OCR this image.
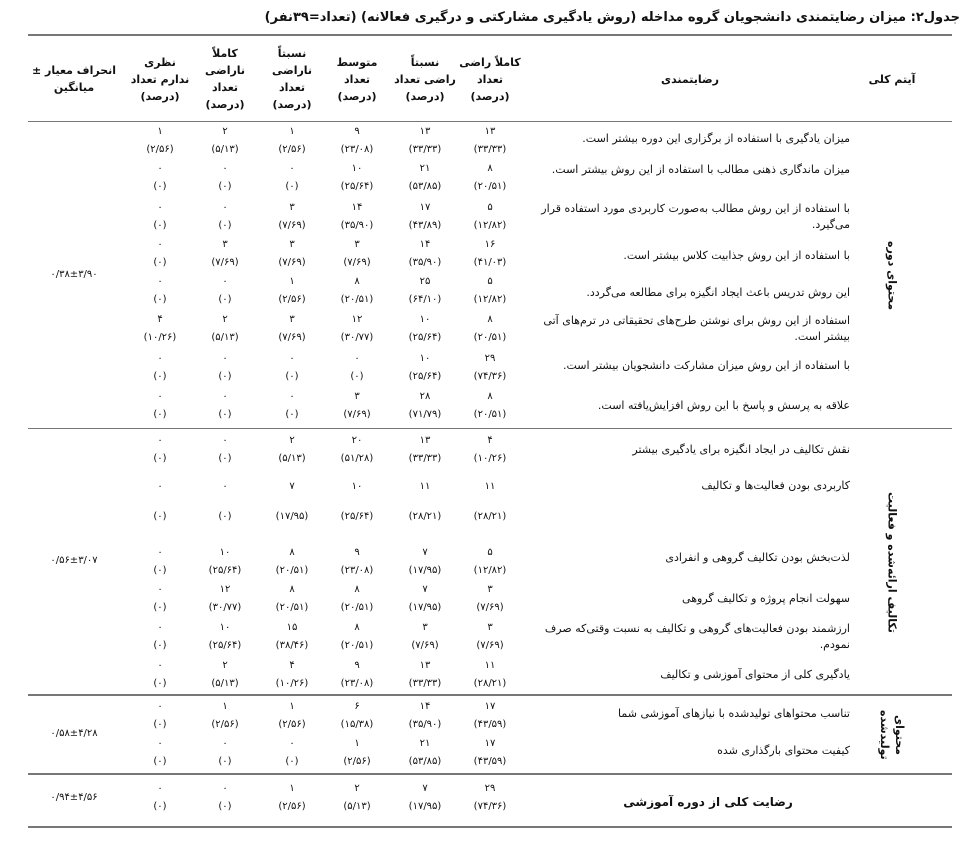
جدول۲: میزان رضایتمندی دانشجویان گروه مداخله (روش یادگیری مشارکتی و درگیری فعالانه) (تعداد=۳۹نفر)
آیتم کلی
رضایتمندی
کاملاً راضی تعداد (درصد)
نسبتاً راضی تعداد (درصد)
متوسط تعداد (درصد)
نسبتاً ناراضی تعداد (درصد)
کاملاً ناراضی تعداد (درصد)
نظری ندارم تعداد (درصد)
انحراف معیار ± میانگین
محتوای دوره
۰/۳۸±۳/۹۰
میزان یادگیری با استفاده از برگزاری این دوره بیشتر است.
۱۳
(۳۳/۳۳)
۱۳
(۳۳/۳۳)
۹
(۲۳/۰۸)
۱
(۲/۵۶)
۲
(۵/۱۳)
۱
(۲/۵۶)
میزان ماندگاری ذهنی مطالب با استفاده از این روش بیشتر است.
۸
(۲۰/۵۱)
۲۱
(۵۳/۸۵)
۱۰
(۲۵/۶۴)
۰
(۰)
۰
(۰)
۰
(۰)
با استفاده از این روش مطالب به‌صورت کاربردی مورد استفاده قرار می‌گیرد.
۵
(۱۲/۸۲)
۱۷
(۴۳/۸۹)
۱۴
(۳۵/۹۰)
۳
(۷/۶۹)
۰
(۰)
۰
(۰)
با استفاده از این روش جذابیت کلاس بیشتر است.
۱۶
(۴۱/۰۳)
۱۴
(۳۵/۹۰)
۳
(۷/۶۹)
۳
(۷/۶۹)
۳
(۷/۶۹)
۰
(۰)
این روش تدریس باعث ایجاد انگیزه برای مطالعه می‌گردد.
۵
(۱۲/۸۲)
۲۵
(۶۴/۱۰)
۸
(۲۰/۵۱)
۱
(۲/۵۶)
۰
(۰)
۰
(۰)
استفاده از این روش برای نوشتن طرح‌های تحقیقاتی در ترم‌های آتی بیشتر است.
۸
(۲۰/۵۱)
۱۰
(۲۵/۶۴)
۱۲
(۳۰/۷۷)
۳
(۷/۶۹)
۲
(۵/۱۳)
۴
(۱۰/۲۶)
با استفاده از این روش میزان مشارکت دانشجویان بیشتر است.
۲۹
(۷۴/۳۶)
۱۰
(۲۵/۶۴)
۰
(۰)
۰
(۰)
۰
(۰)
۰
(۰)
علاقه به پرسش و پاسخ با این روش افزایش‌یافته است.
۸
(۲۰/۵۱)
۲۸
(۷۱/۷۹)
۳
(۷/۶۹)
۰
(۰)
۰
(۰)
۰
(۰)
تکالیف ارائه‌شده و فعالیت
۰/۵۶±۳/۰۷
نقش تکالیف در ایجاد انگیزه برای یادگیری بیشتر
۴
(۱۰/۲۶)
۱۳
(۳۳/۳۳)
۲۰
(۵۱/۲۸)
۲
(۵/۱۳)
۰
(۰)
۰
(۰)
کاربردی بودن فعالیت‌ها و تکالیف
۱۱
(۲۸/۲۱)
۱۱
(۲۸/۲۱)
۱۰
(۲۵/۶۴)
۷
(۱۷/۹۵)
۰
(۰)
۰
(۰)
لذت‌بخش بودن تکالیف گروهی و انفرادی
۵
(۱۲/۸۲)
۷
(۱۷/۹۵)
۹
(۲۳/۰۸)
۸
(۲۰/۵۱)
۱۰
(۲۵/۶۴)
۰
(۰)
سهولت انجام پروژه و تکالیف گروهی
۳
(۷/۶۹)
۷
(۱۷/۹۵)
۸
(۲۰/۵۱)
۸
(۲۰/۵۱)
۱۲
(۳۰/۷۷)
۰
(۰)
ارزشمند بودن فعالیت‌های گروهی و تکالیف به نسبت وقتی‌که صرف نمودم.
۳
(۷/۶۹)
۳
(۷/۶۹)
۸
(۲۰/۵۱)
۱۵
(۳۸/۴۶)
۱۰
(۲۵/۶۴)
۰
(۰)
یادگیری کلی از محتوای آموزشی و تکالیف
۱۱
(۲۸/۲۱)
۱۳
(۳۳/۳۳)
۹
(۲۳/۰۸)
۴
(۱۰/۲۶)
۲
(۵/۱۳)
۰
(۰)
محتوای تولیدشده
۰/۵۸±۴/۲۸
تناسب محتواهای تولیدشده با نیازهای آموزشی شما
۱۷
(۴۳/۵۹)
۱۴
(۳۵/۹۰)
۶
(۱۵/۳۸)
۱
(۲/۵۶)
۱
(۲/۵۶)
۰
(۰)
کیفیت محتوای بارگذاری شده
۱۷
(۴۳/۵۹)
۲۱
(۵۳/۸۵)
۱
(۲/۵۶)
۰
(۰)
۰
(۰)
۰
(۰)
رضایت کلی از دوره آموزشی
۰/۹۴±۴/۵۶
۲۹
(۷۴/۳۶)
۷
(۱۷/۹۵)
۲
(۵/۱۳)
۱
(۲/۵۶)
۰
(۰)
۰
(۰)
